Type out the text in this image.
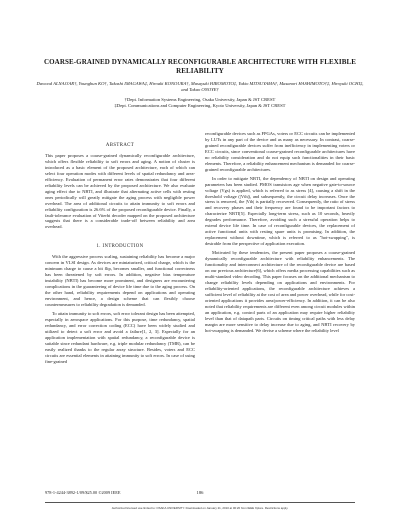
COARSE-GRAINED DYNAMICALLY RECONFIGURABLE ARCHITECTURE WITH FLEXIBLE RELIABILITY
Dawood ALNAJJAR†, Younghun KO†, Takashi IMAGAWA‡, Hiroaki KONOURA†, Masayuki HIROMOTO‡, Yukio MITSUYAMA†, Masanori HASHIMOTO†‡, Hiroyuki OCHI‡, and Takao ONOYE†
†Dept. Information Systems Engineering, Osaka University, Japan & JST CREST
‡Dept. Communications and Computer Engineering, Kyoto University, Japan & JST CREST
ABSTRACT

This paper proposes a coarse-grained dynamically reconfigurable architecture, which offers flexible reliability to soft errors and aging. A notion of cluster is introduced as a basic element of the proposed architecture, each of which can select four operation modes with different levels of spatial redundancy and area-efficiency. Evaluation of permanent error rates demonstrates that four different reliability levels can be achieved by the proposed architecture. We also evaluate aging effect due to NBTI, and illustrate that alternating active cells with resting ones periodically will greatly mitigate the aging process with negligible power overhead. The area of additional circuits to attain immunity to soft errors and reliability configuration is 26.6% of the proposed reconfigurable device. Finally, a fault-tolerance evaluation of Viterbi decoder mapped on the proposed architecture suggests that there is a considerable trade-off between reliability and area overhead.

1. INTRODUCTION

With the aggressive process scaling, sustaining reliability has become a major concern in VLSI design. As devices are miniaturized, critical charge, which is the minimum charge to cause a bit flip, becomes smaller, and functional correctness has been threatened by soft errors. In addition, negative bias temperature instability (NBTI) has become more prominent, and designers are encountering complications in the guaranteeing of device life time due to the aging process. On the other hand, reliability requirements depend on applications and operating environment, and hence, a design scheme that can flexibly choose countermeasures to reliability degradation is demanded.

To attain immunity to soft errors, soft error tolerant design has been attempted, especially in aerospace applications. For this purpose, time redundancy, spatial redundancy, and error correction coding (ECC) have been widely studied and utilized to detect a soft error and avoid a failure[1, 2, 3]. Especially for an application implementation with spatial redundancy, a reconfigurable device is suitable since redundant hardware, e.g. triple modular redundancy (TMR), can be easily realized thanks to the regular array structure. Besides, voters and ECC circuits are essential elements in attaining immunity to soft errors. In case of using fine-grained

reconfigurable devices such as FPGAs, voters or ECC circuits can be implemented by LUTs in any part of the device and as many as necessary. In contrast, coarse-grained reconfigurable devices suffer from inefficiency in implementing voters or ECC circuits, since conventional coarse-grained reconfigurable architectures have no reliability consideration and do not equip such functionalities in their basic elements. Therefore, a reliability enhancement mechanism is demanded for coarse-grained reconfigurable architectures.

In order to mitigate NBTI, the dependency of NBTI on design and operating parameters has been studied. PMOS transistors age when negative gate-to-source voltage (Vgs) is applied, which is referred to as stress [4], causing a shift in the threshold voltage (|Vth|), and subsequently, the circuit delay increases. Once the stress is removed, the |Vth| is partially recovered. Consequently, the ratio of stress and recovery phases and their frequency are found to be important factors to characterize NBTI[5]. Especially long-term stress, such as 10 seconds, heavily degrades performance. Therefore, avoiding such a stressful operation helps to extend device life time. In case of reconfigurable devices, the replacement of active functional units with resting spare units is promising. In addition, the replacement without downtime, which is referred to as "hot-swapping", is desirable from the perspective of application execution.

Motivated by these tendencies, the present paper proposes a coarse-grained dynamically reconfigurable architecture with reliability enhancements. The functionality and interconnect architecture of the reconfigurable device are based on our previous architecture[6], which offers media processing capabilities such as multi-standard video decoding. This paper focuses on the additional mechanism to change reliability levels depending on applications and environments. For reliability-oriented applications, the reconfigurable architecture achieves a sufficient level of reliability at the cost of area and power overhead, while for cost-oriented applications it provides area/power-efficiency. In addition, it can be also noted that reliability requirements are different even among circuit modules within an application, e.g. control parts of an application may require higher reliability level than that of datapath parts. Circuits on timing critical paths with less delay margin are more sensitive to delay increase due to aging, and NBTI recovery by hot-swapping is demanded. We devise a scheme where the reliability level

978-1-4244-3892-1/09/$25.00 ©2009 IEEE	186
Authorized licensed use limited to: OSAKA UNIVERSITY. Downloaded on January 21, 2010 at 00:20 from IEEE Xplore. Restrictions apply.
